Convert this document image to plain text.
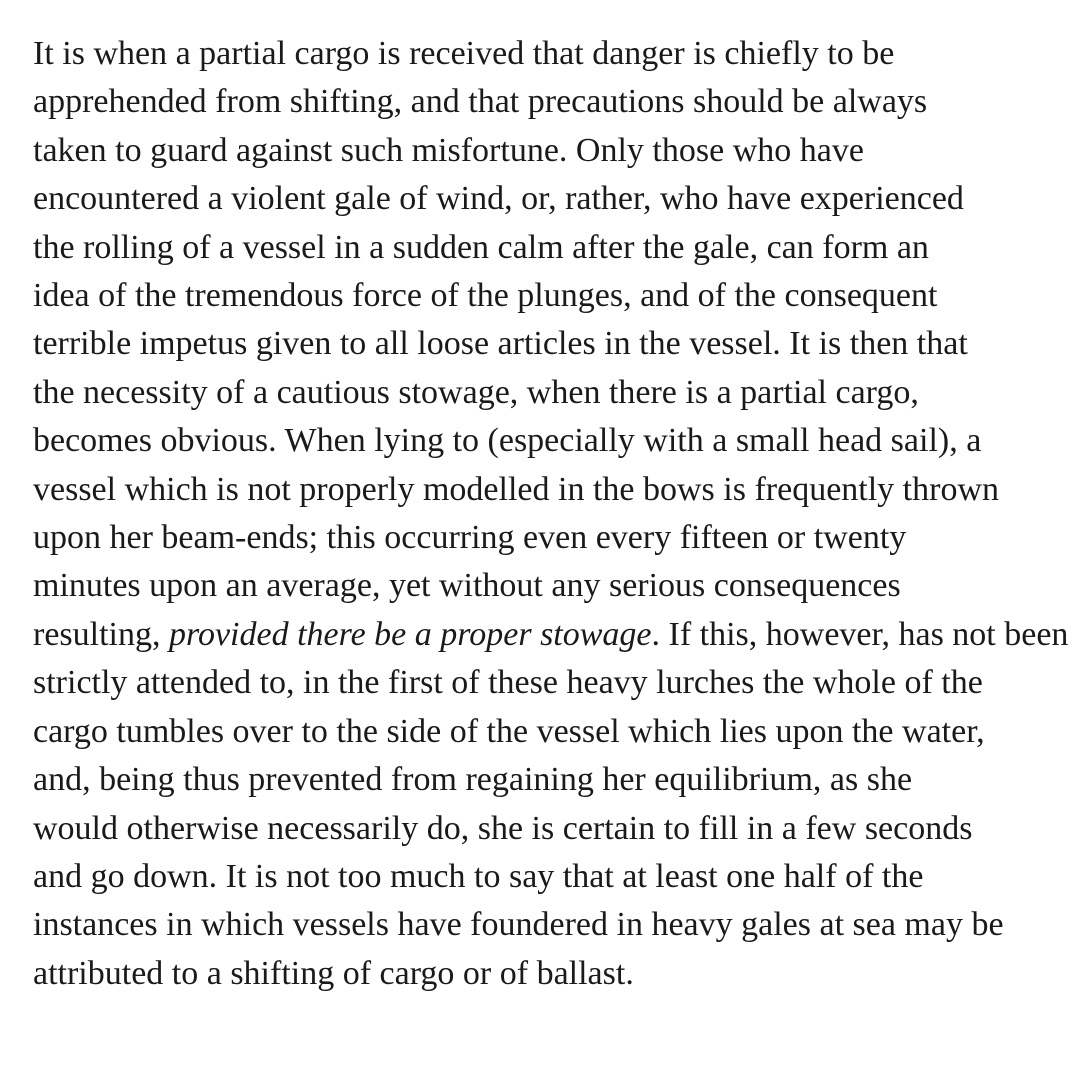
It is when a partial cargo is received that danger is chiefly to be
apprehended from shifting, and that precautions should be always
taken to guard against such misfortune. Only those who have
encountered a violent gale of wind, or, rather, who have experienced
the rolling of a vessel in a sudden calm after the gale, can form an
idea of the tremendous force of the plunges, and of the consequent
terrible impetus given to all loose articles in the vessel. It is then that
the necessity of a cautious stowage, when there is a partial cargo,
becomes obvious. When lying to (especially with a small head sail), a
vessel which is not properly modelled in the bows is frequently thrown
upon her beam-ends; this occurring even every fifteen or twenty
minutes upon an average, yet without any serious consequences
resulting, provided there be a proper stowage. If this, however, has not been
strictly attended to, in the first of these heavy lurches the whole of the
cargo tumbles over to the side of the vessel which lies upon the water,
and, being thus prevented from regaining her equilibrium, as she
would otherwise necessarily do, she is certain to fill in a few seconds
and go down. It is not too much to say that at least one half of the
instances in which vessels have foundered in heavy gales at sea may be
attributed to a shifting of cargo or of ballast.
